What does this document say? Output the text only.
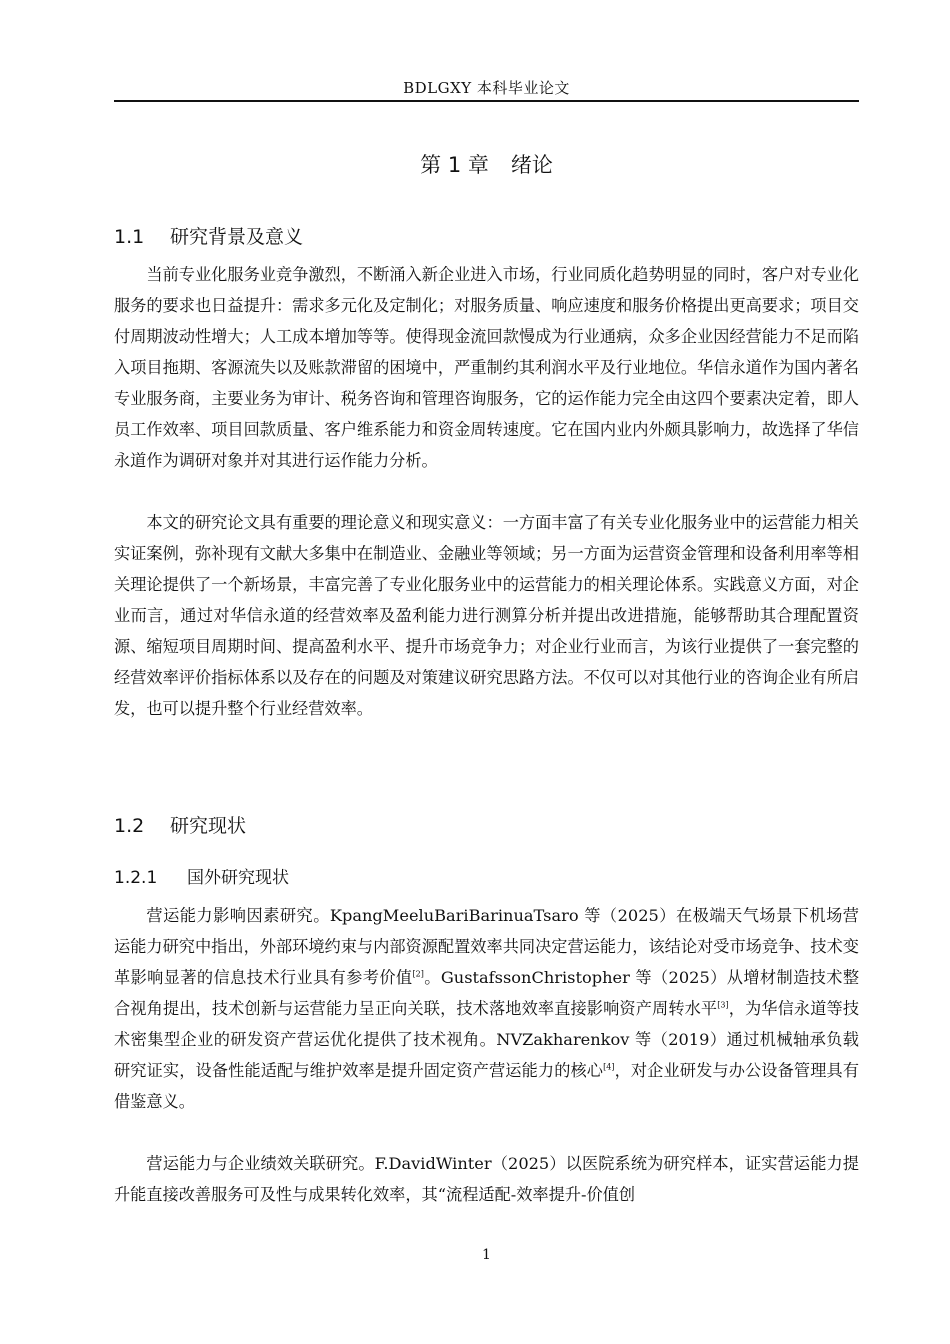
BDLGXY 本科毕业论文
第 1 章 绪论
1.1 研究背景及意义

当前专业化服务业竞争激烈，不断涌入新企业进入市场，行业同质化趋势明显的同时，客户对专业化服务的要求也日益提升：需求多元化及定制化；对服务质量、响应速度和服务价格提出更高要求；项目交付周期波动性增大；人工成本增加等等。使得现金流回款慢成为行业通病，众多企业因经营能力不足而陷入项目拖期、客源流失以及账款滞留的困境中，严重制约其利润水平及行业地位。华信永道作为国内著名专业服务商，主要业务为审计、税务咨询和管理咨询服务，它的运作能力完全由这四个要素决定着，即人员工作效率、项目回款质量、客户维系能力和资金周转速度。它在国内业内外颇具影响力，故选择了华信永道作为调研对象并对其进行运作能力分析。

本文的研究论文具有重要的理论意义和现实意义：一方面丰富了有关专业化服务业中的运营能力相关实证案例，弥补现有文献大多集中在制造业、金融业等领域；另一方面为运营资金管理和设备利用率等相关理论提供了一个新场景，丰富完善了专业化服务业中的运营能力的相关理论体系。实践意义方面，对企业而言，通过对华信永道的经营效率及盈利能力进行测算分析并提出改进措施，能够帮助其合理配置资源、缩短项目周期时间、提高盈利水平、提升市场竞争力；对企业行业而言，为该行业提供了一套完整的经营效率评价指标体系以及存在的问题及对策建议研究思路方法。不仅可以对其他行业的咨询企业有所启发，也可以提升整个行业经营效率。

1.2 研究现状
1.2.1 国外研究现状

营运能力影响因素研究。KpangMeeluBariBarinuaTsaro 等（2025）在极端天气场景下机场营运能力研究中指出，外部环境约束与内部资源配置效率共同决定营运能力，该结论对受市场竞争、技术变革影响显著的信息技术行业具有参考价值[2]。GustafssonChristopher 等（2025）从增材制造技术整合视角提出，技术创新与运营能力呈正向关联，技术落地效率直接影响资产周转水平[3]，为华信永道等技术密集型企业的研发资产营运优化提供了技术视角。NVZakharenkov 等（2019）通过机械轴承负载研究证实，设备性能适配与维护效率是提升固定资产营运能力的核心[4]，对企业研发与办公设备管理具有借鉴意义。

营运能力与企业绩效关联研究。F.DavidWinter（2025）以医院系统为研究样本，证实营运能力提升能直接改善服务可及性与成果转化效率，其“流程适配-效率提升-价值创

1
